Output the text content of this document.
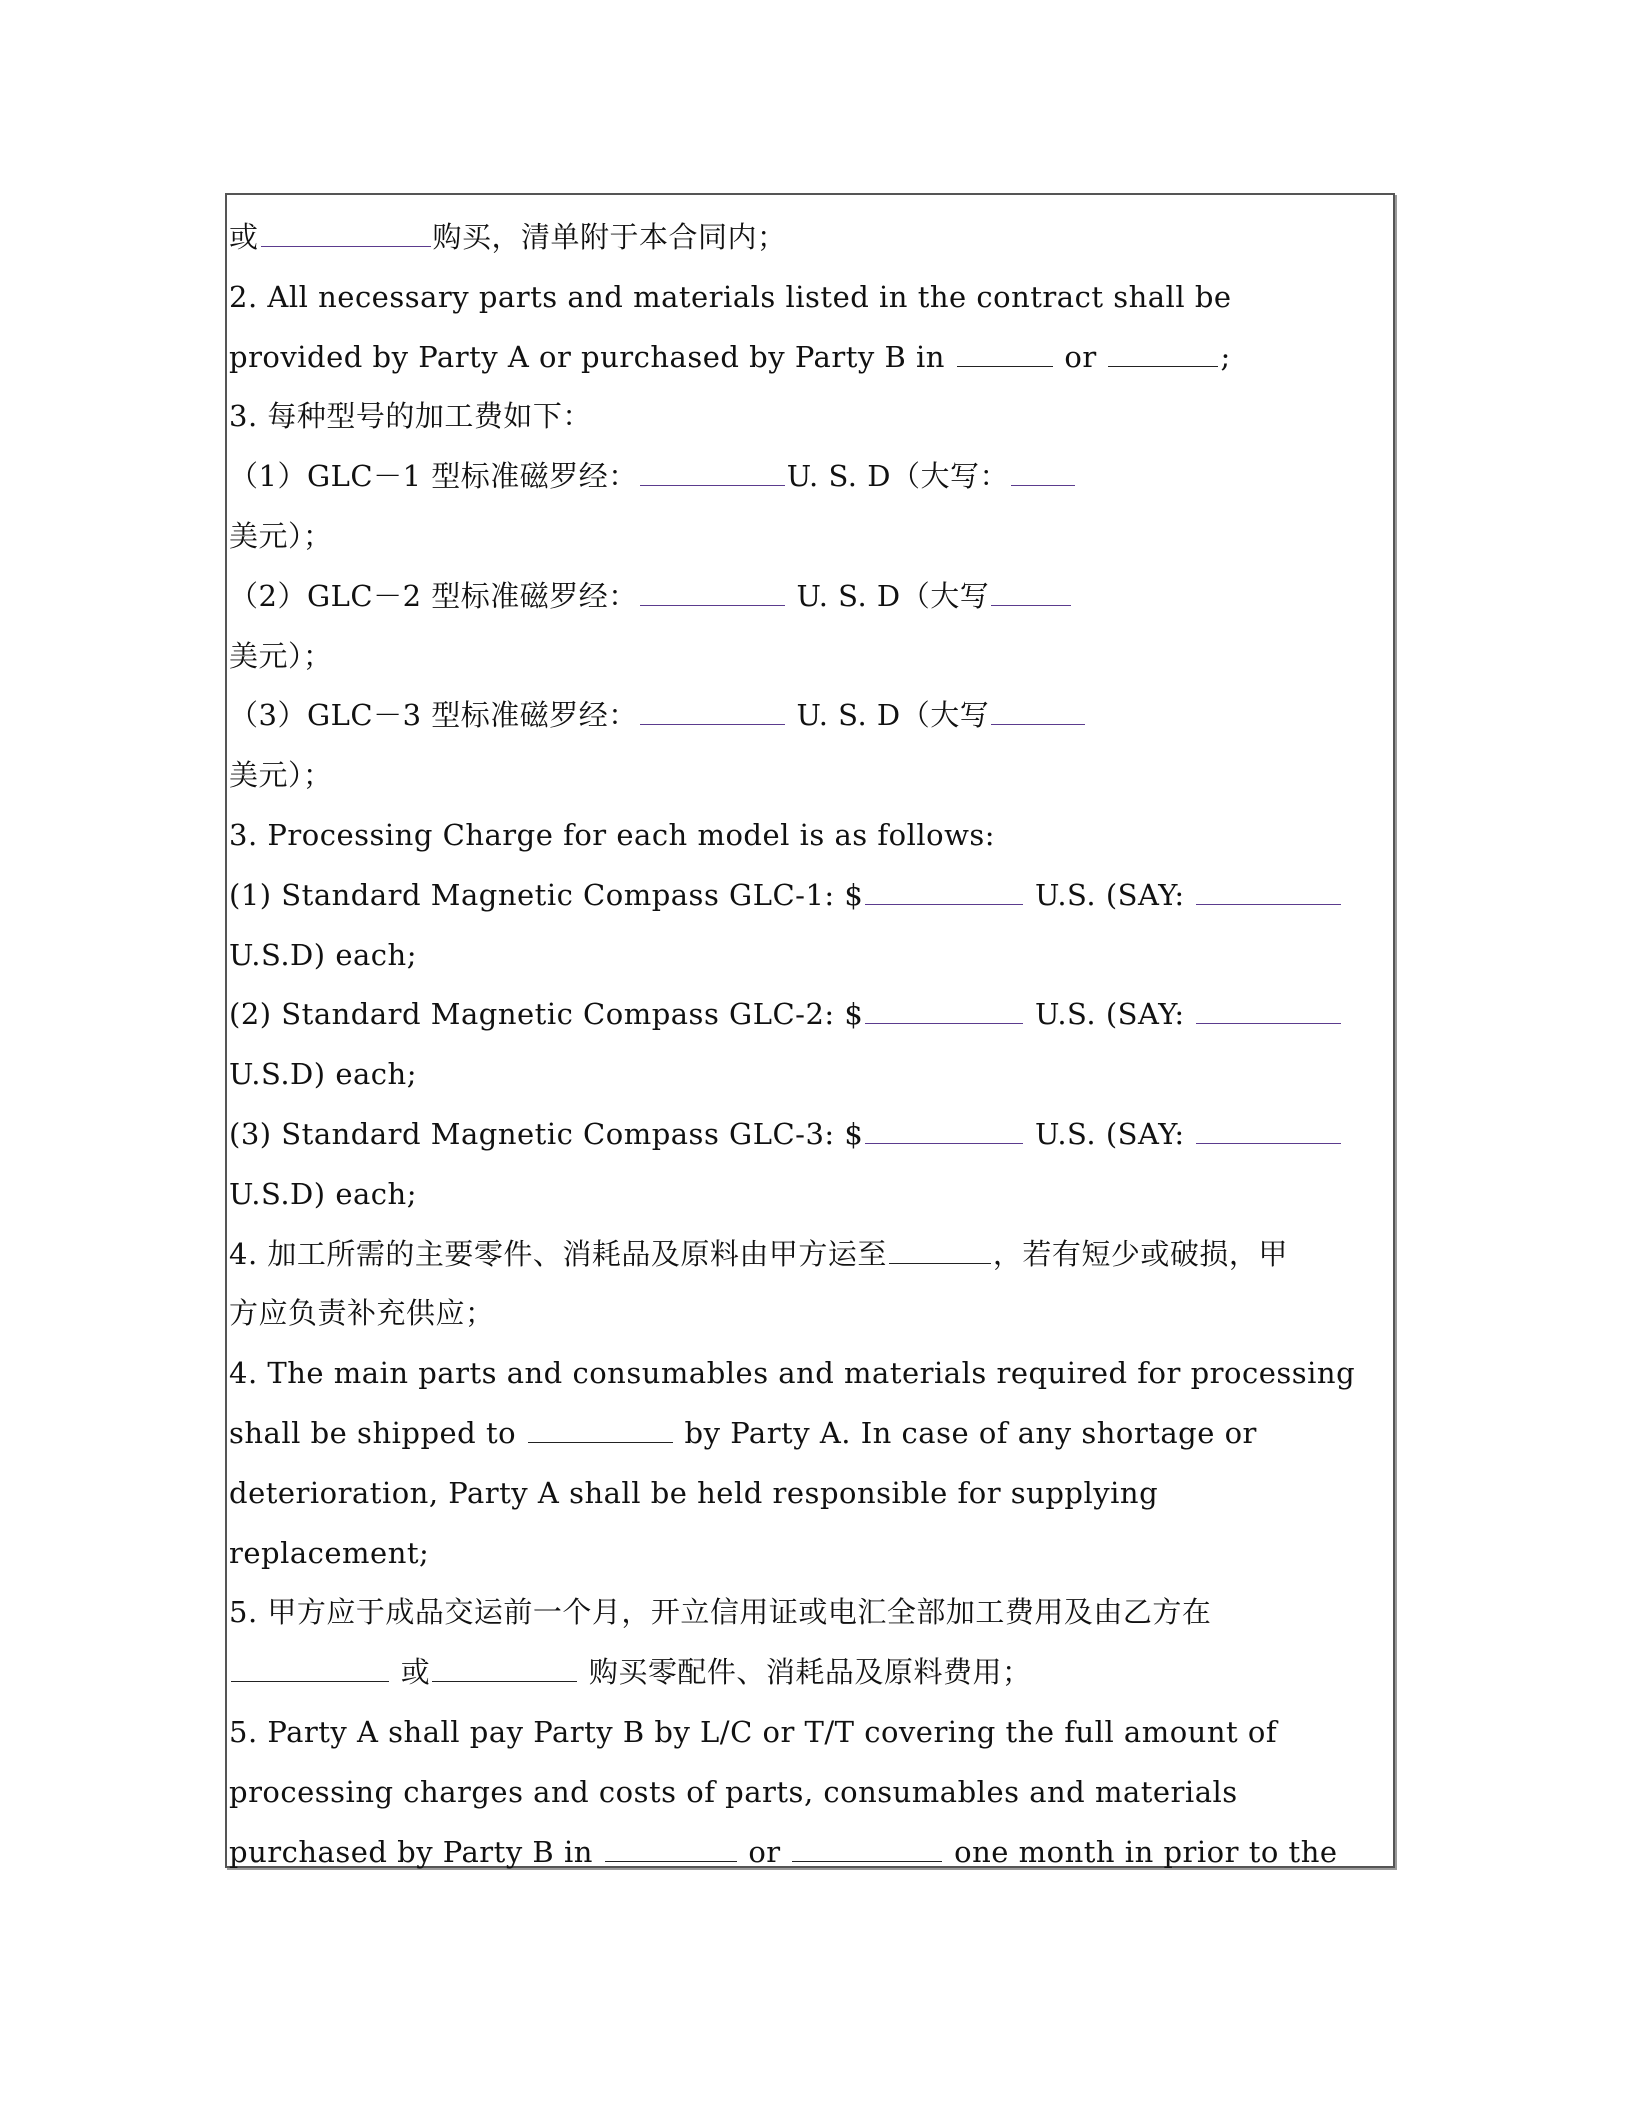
或	购买，清单附于本合同内；
2. All necessary parts and materials listed in the contract shall be
provided by Party A or purchased by Party B in	or	;
3. 每种型号的加工费如下：
（1）GLC－1 型标准磁罗经：	U. S. D（大写：
美元）；
（2）GLC－2 型标准磁罗经：	U. S. D（大写
美元）；
（3）GLC－3 型标准磁罗经：	U. S. D（大写
美元）；
3. Processing Charge for each model is as follows:
(1) Standard Magnetic Compass GLC-1: $	U.S. (SAY:
U.S.D) each;
(2) Standard Magnetic Compass GLC-2: $	U.S. (SAY:
U.S.D) each;
(3) Standard Magnetic Compass GLC-3: $	U.S. (SAY:
U.S.D) each;
4. 加工所需的主要零件、消耗品及原料由甲方运至	，若有短少或破损，甲
方应负责补充供应；
4. The main parts and consumables and materials required for processing
shall be shipped to	by Party A. In case of any shortage or
deterioration, Party A shall be held responsible for supplying
replacement;
5. 甲方应于成品交运前一个月，开立信用证或电汇全部加工费用及由乙方在
或	购买零配件、消耗品及原料费用；
5. Party A shall pay Party B by L/C or T/T covering the full amount of
processing charges and costs of parts, consumables and materials
purchased by Party B in	or	one month in prior to the
